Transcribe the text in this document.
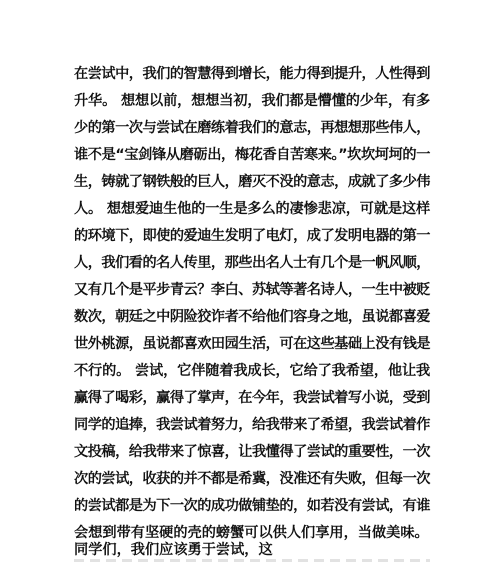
在尝试中，我们的智慧得到增长，能力得到提升，人性得到
升华。 想想以前，想想当初，我们都是懵懂的少年，有多
少的第一次与尝试在磨练着我们的意志，再想想那些伟人，
谁不是“宝剑锋从磨砺出，梅花香自苦寒来。”坎坎坷坷的一
生，铸就了钢铁般的巨人，磨灭不没的意志，成就了多少伟
人。 想想爱迪生他的一生是多么的凄惨悲凉，可就是这样
的环境下，即使的爱迪生发明了电灯，成了发明电器的第一
人，我们看的名人传里，那些出名人士有几个是一帆风顺，
又有几个是平步青云？李白、苏轼等著名诗人，一生中被贬
数次，朝廷之中阴险狡诈者不给他们容身之地，虽说都喜爱
世外桃源，虽说都喜欢田园生活，可在这些基础上没有钱是
不行的。 尝试，它伴随着我成长，它给了我希望，他让我
赢得了喝彩，赢得了掌声，在今年，我尝试着写小说，受到
同学的追捧，我尝试着努力，给我带来了希望，我尝试着作
文投稿，给我带来了惊喜，让我懂得了尝试的重要性，一次
次的尝试，收获的并不都是希冀，没准还有失败，但每一次
的尝试都是为下一次的成功做铺垫的，如若没有尝试，有谁
会想到带有坚硬的壳的螃蟹可以供人们享用，当做美味。
同学们，我们应该勇于尝试，这
